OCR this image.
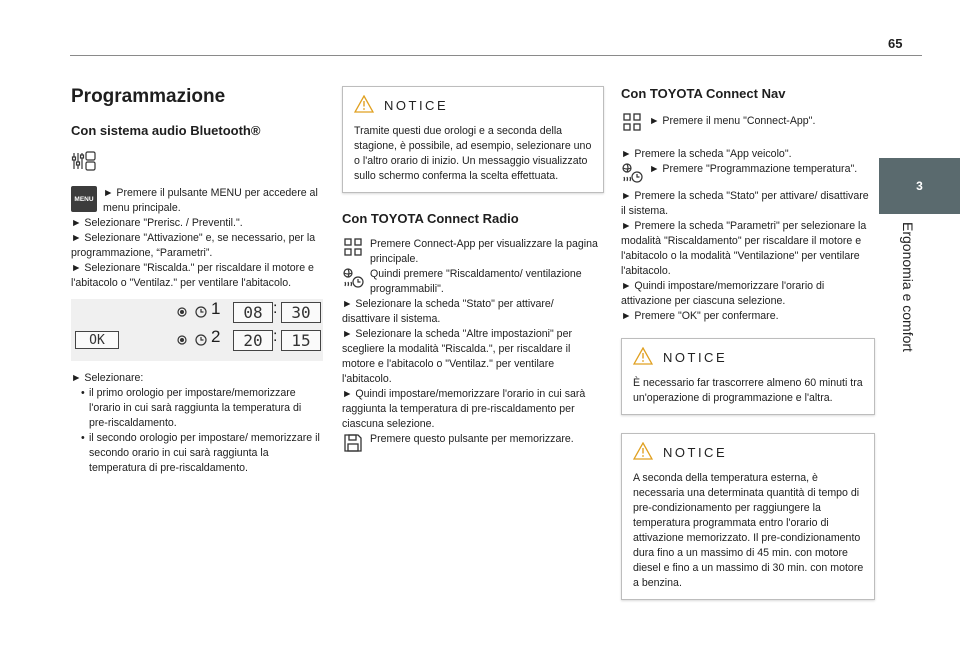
65
3
Ergonomia e comfort
Programmazione
Con sistema audio Bluetooth®
MENU ► Premere il pulsante MENU per accedere al menu principale.

► Selezionare "Prerisc. / Preventil.".

► Selezionare "Attivazione" e, se necessario, per la programmazione, “Parametri”.

► Selezionare "Riscalda." per riscaldare il motore e l'abitacolo o "Ventilaz." per ventilare l'abitacolo.

OK
1	08 : 30
2	20 : 15

► Selezionare:

• il primo orologio per impostare/memorizzare l'orario in cui sarà raggiunta la temperatura di pre-riscaldamento.
• il secondo orologio per impostare/ memorizzare il secondo orario in cui sarà raggiunta la temperatura di pre-riscaldamento.
NOTICE

Tramite questi due orologi e a seconda della stagione, è possibile, ad esempio, selezionare uno o l'altro orario di inizio. Un messaggio visualizzato sullo schermo conferma la scelta effettuata.

Con TOYOTA Connect Radio

Premere Connect-App per visualizzare la pagina principale.

Quindi premere "Riscaldamento/ ventilazione programmabili".

► Selezionare la scheda "Stato" per attivare/ disattivare il sistema.

► Selezionare la scheda "Altre impostazioni" per scegliere la modalità "Riscalda.", per riscaldare il motore e l'abitacolo o "Ventilaz." per ventilare l'abitacolo.

► Quindi impostare/memorizzare l'orario in cui sarà raggiunta la temperatura di pre-riscaldamento per ciascuna selezione.

Premere questo pulsante per memorizzare.

Con TOYOTA Connect Nav

► Premere il menu "Connect-App".

► Premere la scheda "App veicolo".

► Premere "Programmazione temperatura".

► Premere la scheda "Stato" per attivare/ disattivare il sistema.

► Premere la scheda "Parametri" per selezionare la modalità "Riscaldamento" per riscaldare il motore e l'abitacolo o la modalità "Ventilazione" per ventilare l'abitacolo.

► Quindi impostare/memorizzare l'orario di attivazione per ciascuna selezione.

► Premere "OK" per confermare.

NOTICE

È necessario far trascorrere almeno 60 minuti tra un'operazione di programmazione e l'altra.

NOTICE

A seconda della temperatura esterna, è necessaria una determinata quantità di tempo di pre-condizionamento per raggiungere la temperatura programmata entro l'orario di attivazione memorizzato. Il pre-condizionamento dura fino a un massimo di 45 min. con motore diesel e fino a un massimo di 30 min. con motore a benzina.
